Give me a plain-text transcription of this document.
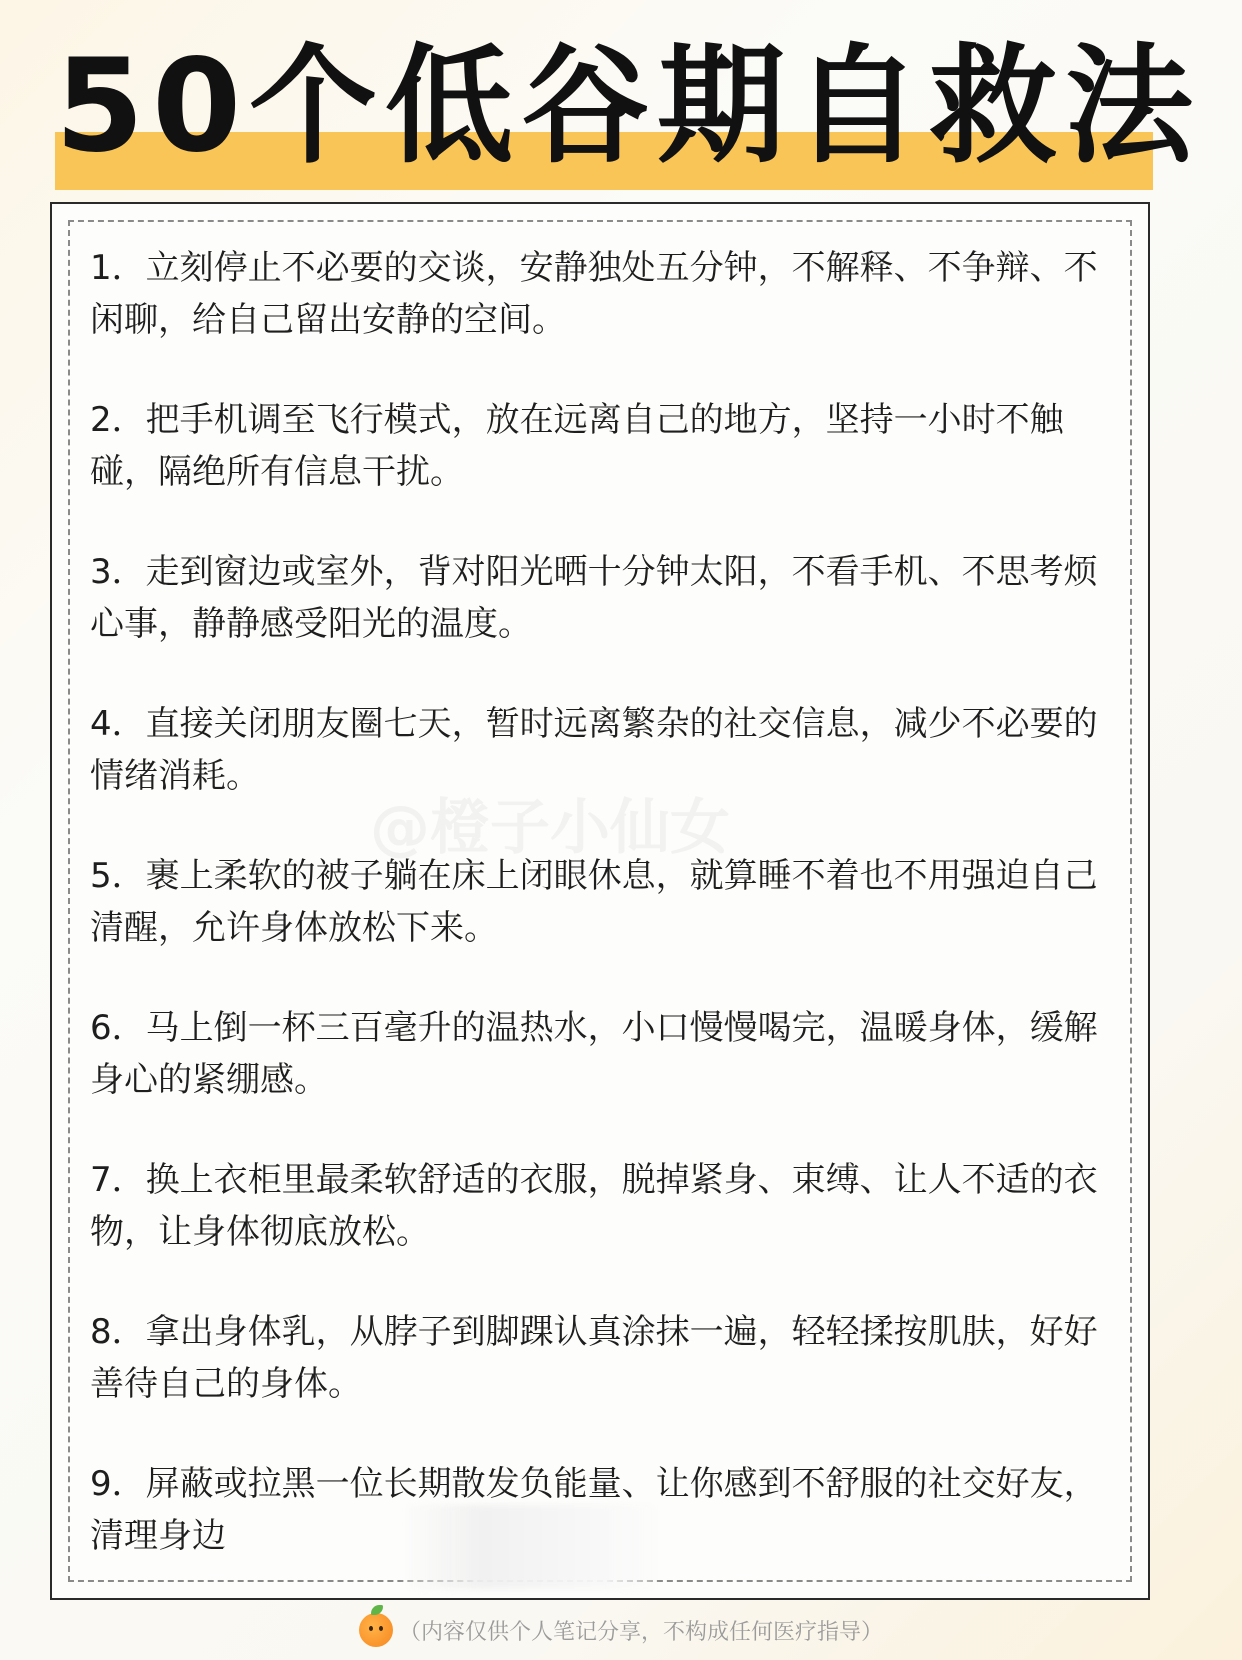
50个低谷期自救法
1．立刻停止不必要的交谈，安静独处五分钟，不解释、不争辩、不闲聊，给自己留出安静的空间。
2．把手机调至飞行模式，放在远离自己的地方，坚持一小时不触碰，隔绝所有信息干扰。
3．走到窗边或室外，背对阳光晒十分钟太阳，不看手机、不思考烦心事，静静感受阳光的温度。
4．直接关闭朋友圈七天，暂时远离繁杂的社交信息，减少不必要的情绪消耗。
5．裹上柔软的被子躺在床上闭眼休息，就算睡不着也不用强迫自己清醒，允许身体放松下来。
6．马上倒一杯三百毫升的温热水，小口慢慢喝完，温暖身体，缓解身心的紧绷感。
7．换上衣柜里最柔软舒适的衣服，脱掉紧身、束缚、让人不适的衣物，让身体彻底放松。
8．拿出身体乳，从脖子到脚踝认真涂抹一遍，轻轻揉按肌肤，好好善待自己的身体。
9．屏蔽或拉黑一位长期散发负能量、让你感到不舒服的社交好友，清理身边
@橙子小仙女
（内容仅供个人笔记分享，不构成任何医疗指导）
